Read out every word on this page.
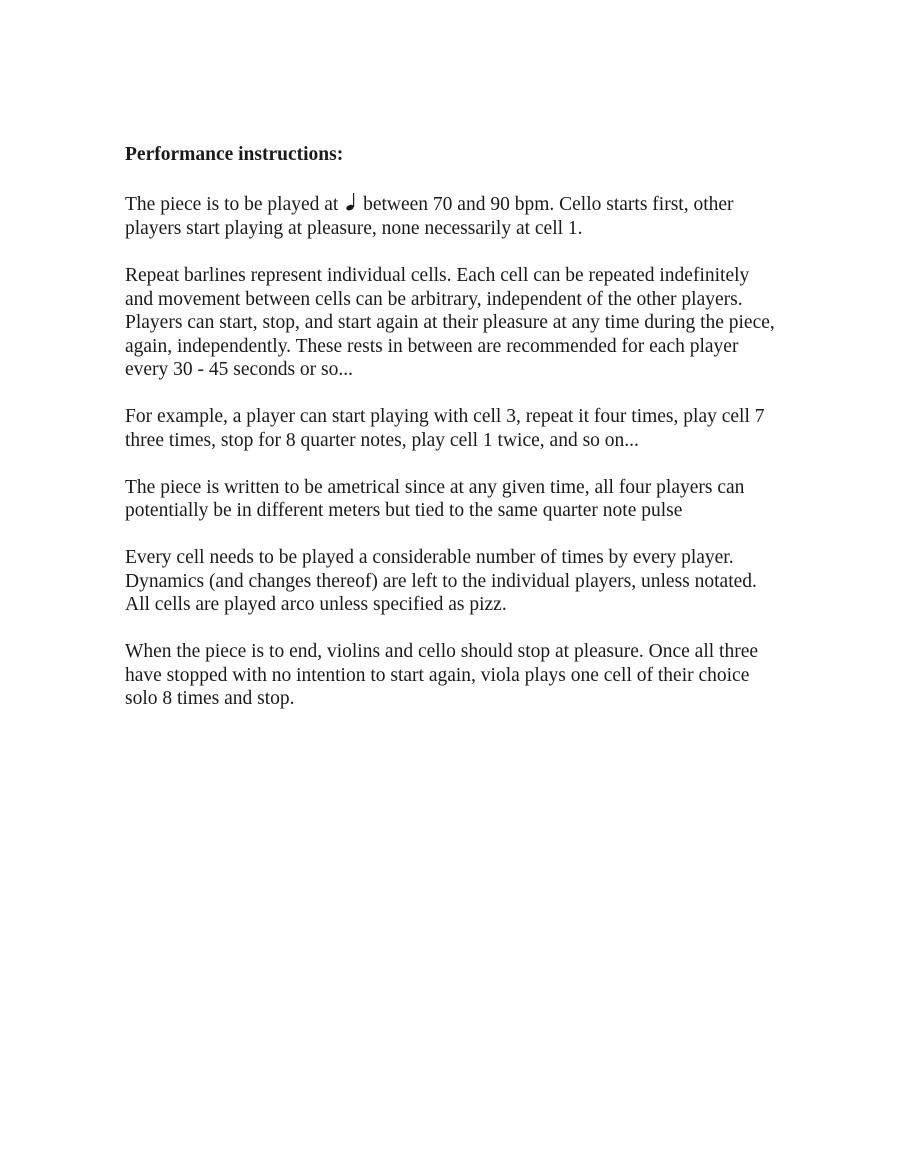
Performance instructions:
The piece is to be played at between 70 and 90 bpm. Cello starts first, other
players start playing at pleasure, none necessarily at cell 1.
Repeat barlines represent individual cells. Each cell can be repeated indefinitely
and movement between cells can be arbitrary, independent of the other players.
Players can start, stop, and start again at their pleasure at any time during the piece,
again, independently. These rests in between are recommended for each player
every 30 - 45 seconds or so...
For example, a player can start playing with cell 3, repeat it four times, play cell 7
three times, stop for 8 quarter notes, play cell 1 twice, and so on...
The piece is written to be ametrical since at any given time, all four players can
potentially be in different meters but tied to the same quarter note pulse
Every cell needs to be played a considerable number of times by every player.
Dynamics (and changes thereof) are left to the individual players, unless notated.
All cells are played arco unless specified as pizz.
When the piece is to end, violins and cello should stop at pleasure. Once all three
have stopped with no intention to start again, viola plays one cell of their choice
solo 8 times and stop.
